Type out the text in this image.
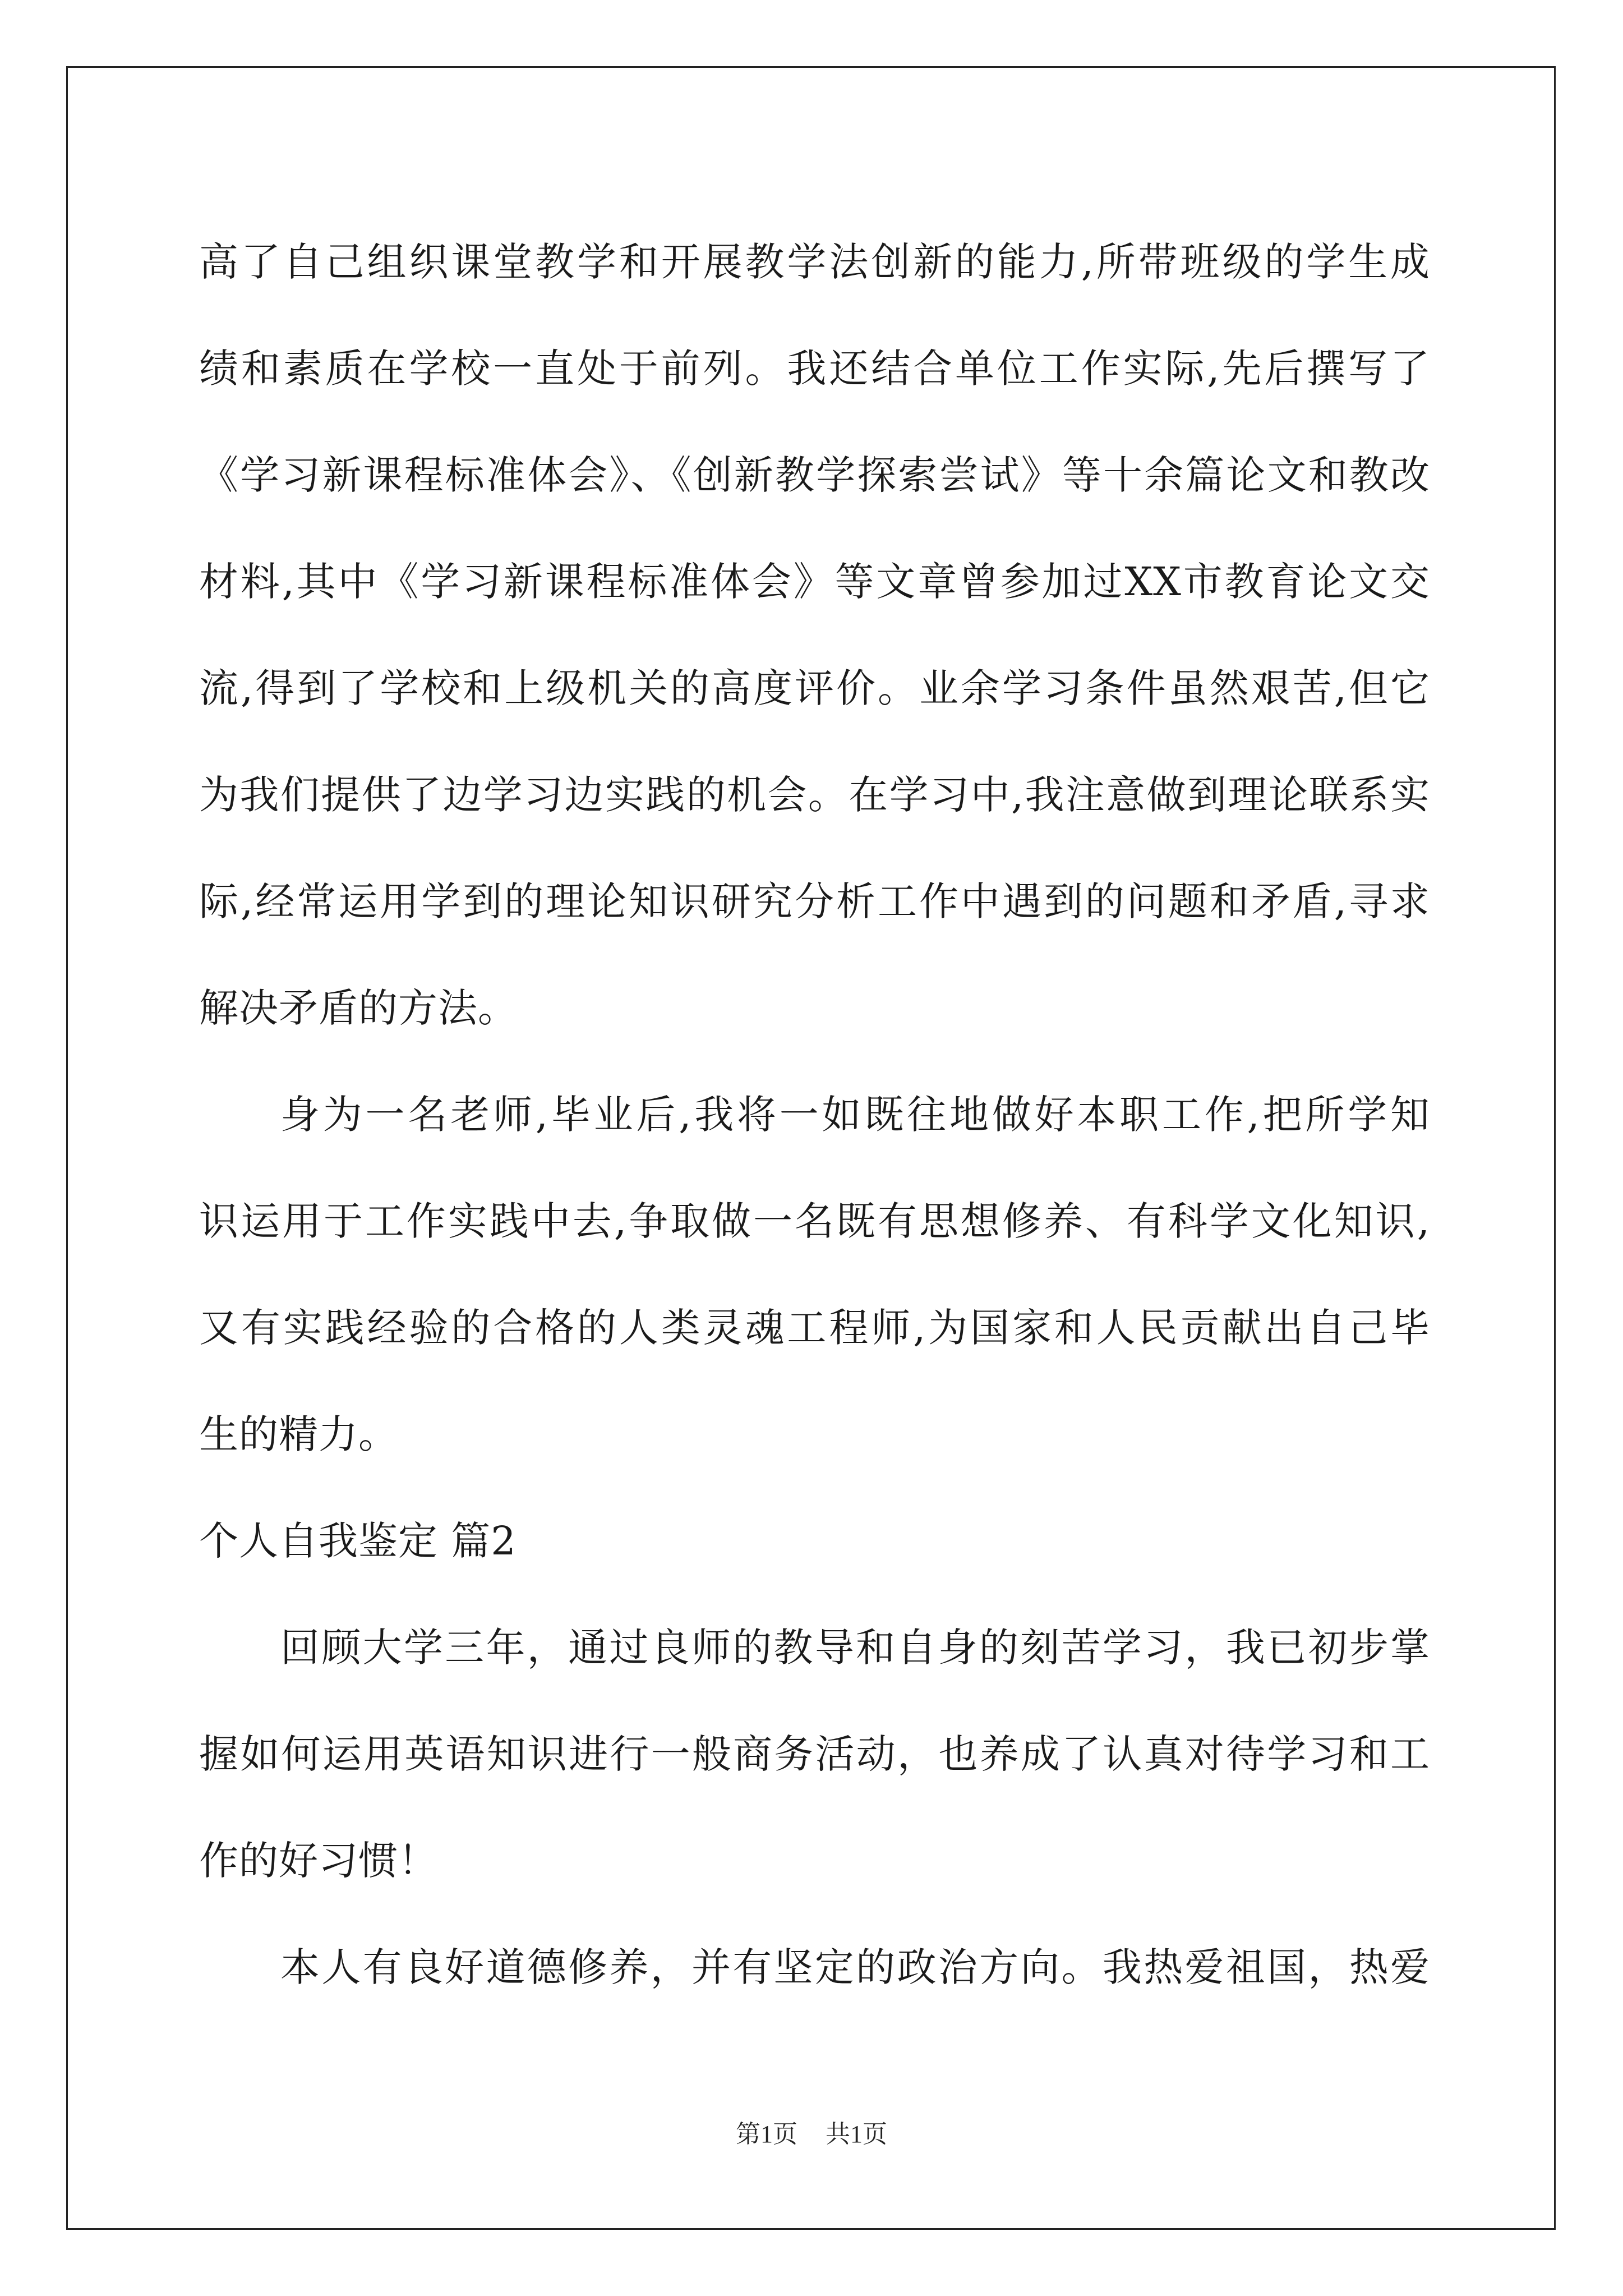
高了自己组织课堂教学和开展教学法创新的能力,所带班级的学生成
绩和素质在学校一直处于前列。我还结合单位工作实际,先后撰写了
《学习新课程标准体会》、《创新教学探索尝试》等十余篇论文和教改
材料,其中《学习新课程标准体会》等文章曾参加过XX市教育论文交
流,得到了学校和上级机关的高度评价。业余学习条件虽然艰苦,但它
为我们提供了边学习边实践的机会。在学习中,我注意做到理论联系实
际,经常运用学到的理论知识研究分析工作中遇到的问题和矛盾,寻求
解决矛盾的方法。
身为一名老师,毕业后,我将一如既往地做好本职工作,把所学知
识运用于工作实践中去,争取做一名既有思想修养、有科学文化知识,
又有实践经验的合格的人类灵魂工程师,为国家和人民贡献出自己毕
生的精力。
个人自我鉴定 篇2
回顾大学三年，通过良师的教导和自身的刻苦学习，我已初步掌
握如何运用英语知识进行一般商务活动，也养成了认真对待学习和工
作的好习惯！
本人有良好道德修养，并有坚定的政治方向。我热爱祖国，热爱
第1页 共1页
